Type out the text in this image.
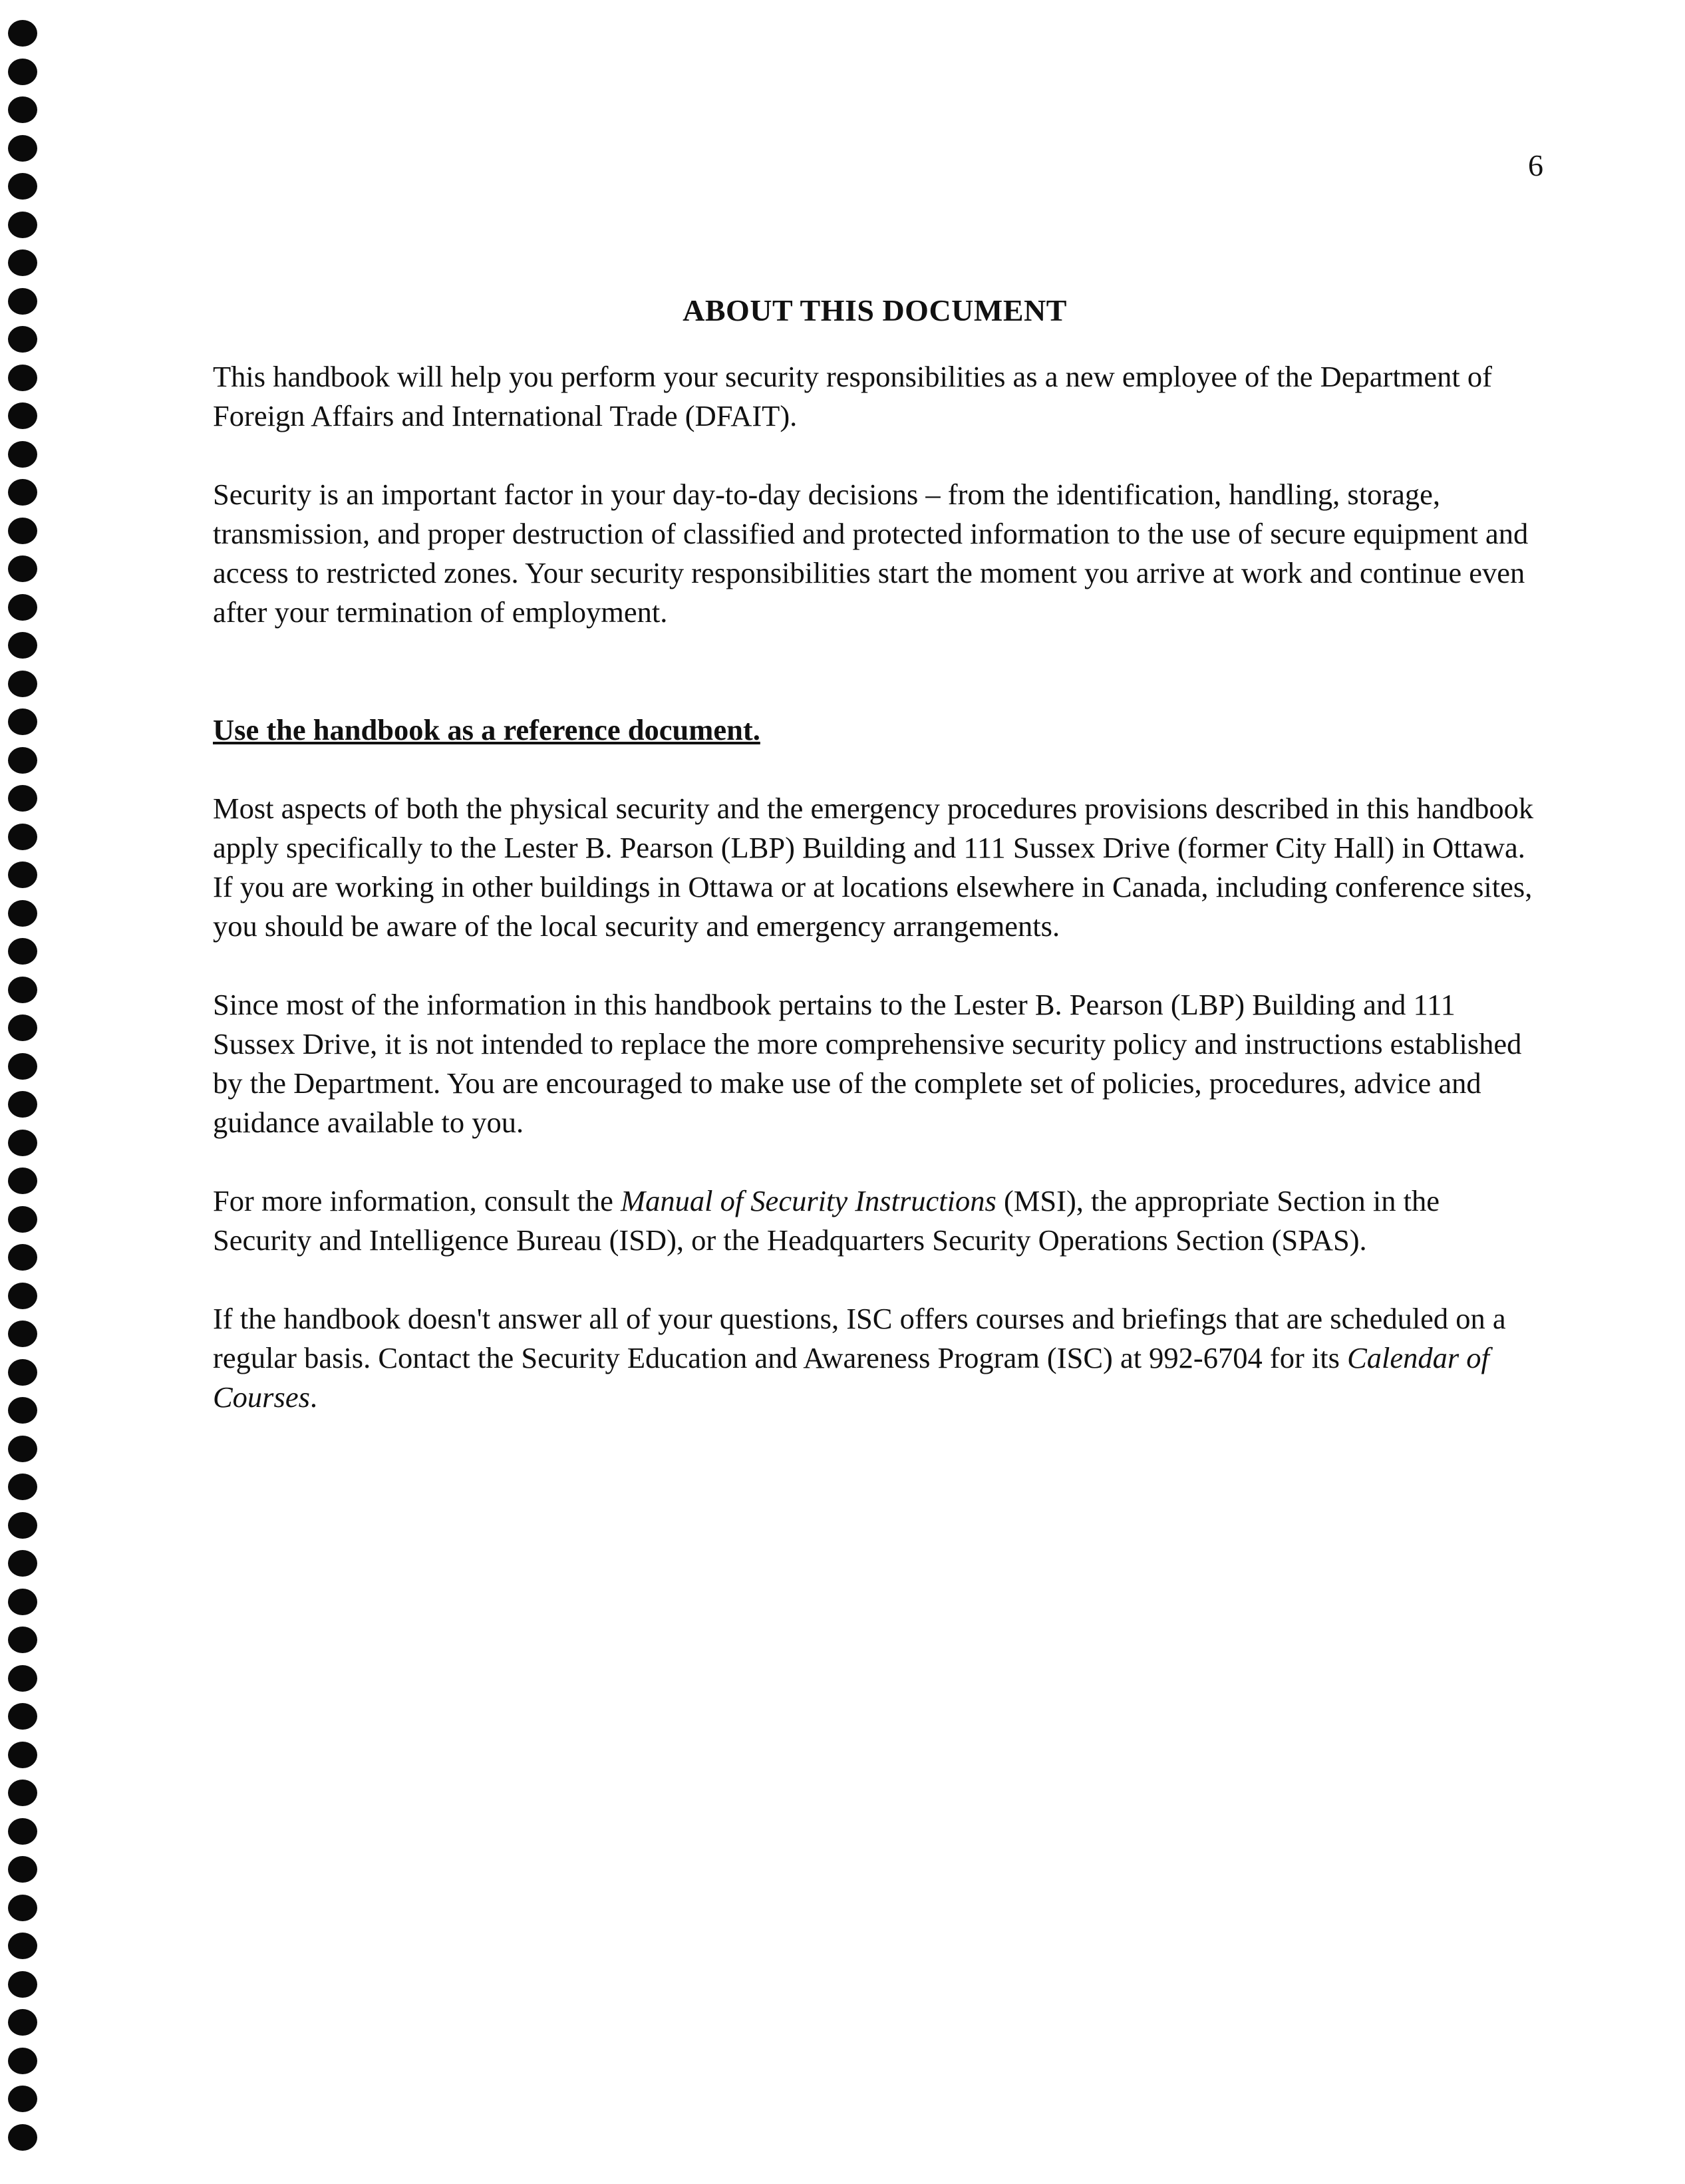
6
ABOUT THIS DOCUMENT

This handbook will help you perform your security responsibilities as a new employee of the Department of Foreign Affairs and International Trade (DFAIT).

Security is an important factor in your day-to-day decisions – from the identification, handling, storage, transmission, and proper destruction of classified and protected information to the use of secure equipment and access to restricted zones. Your security responsibilities start the moment you arrive at work and continue even after your termination of employment.

Use the handbook as a reference document.

Most aspects of both the physical security and the emergency procedures provisions described in this handbook apply specifically to the Lester B. Pearson (LBP) Building and 111 Sussex Drive (former City Hall) in Ottawa. If you are working in other buildings in Ottawa or at locations elsewhere in Canada, including conference sites, you should be aware of the local security and emergency arrangements.

Since most of the information in this handbook pertains to the Lester B. Pearson (LBP) Building and 111 Sussex Drive, it is not intended to replace the more comprehensive security policy and instructions established by the Department. You are encouraged to make use of the complete set of policies, procedures, advice and guidance available to you.

For more information, consult the Manual of Security Instructions (MSI), the appropriate Section in the Security and Intelligence Bureau (ISD), or the Headquarters Security Operations Section (SPAS).

If the handbook doesn't answer all of your questions, ISC offers courses and briefings that are scheduled on a regular basis. Contact the Security Education and Awareness Program (ISC) at 992-6704 for its Calendar of Courses.
